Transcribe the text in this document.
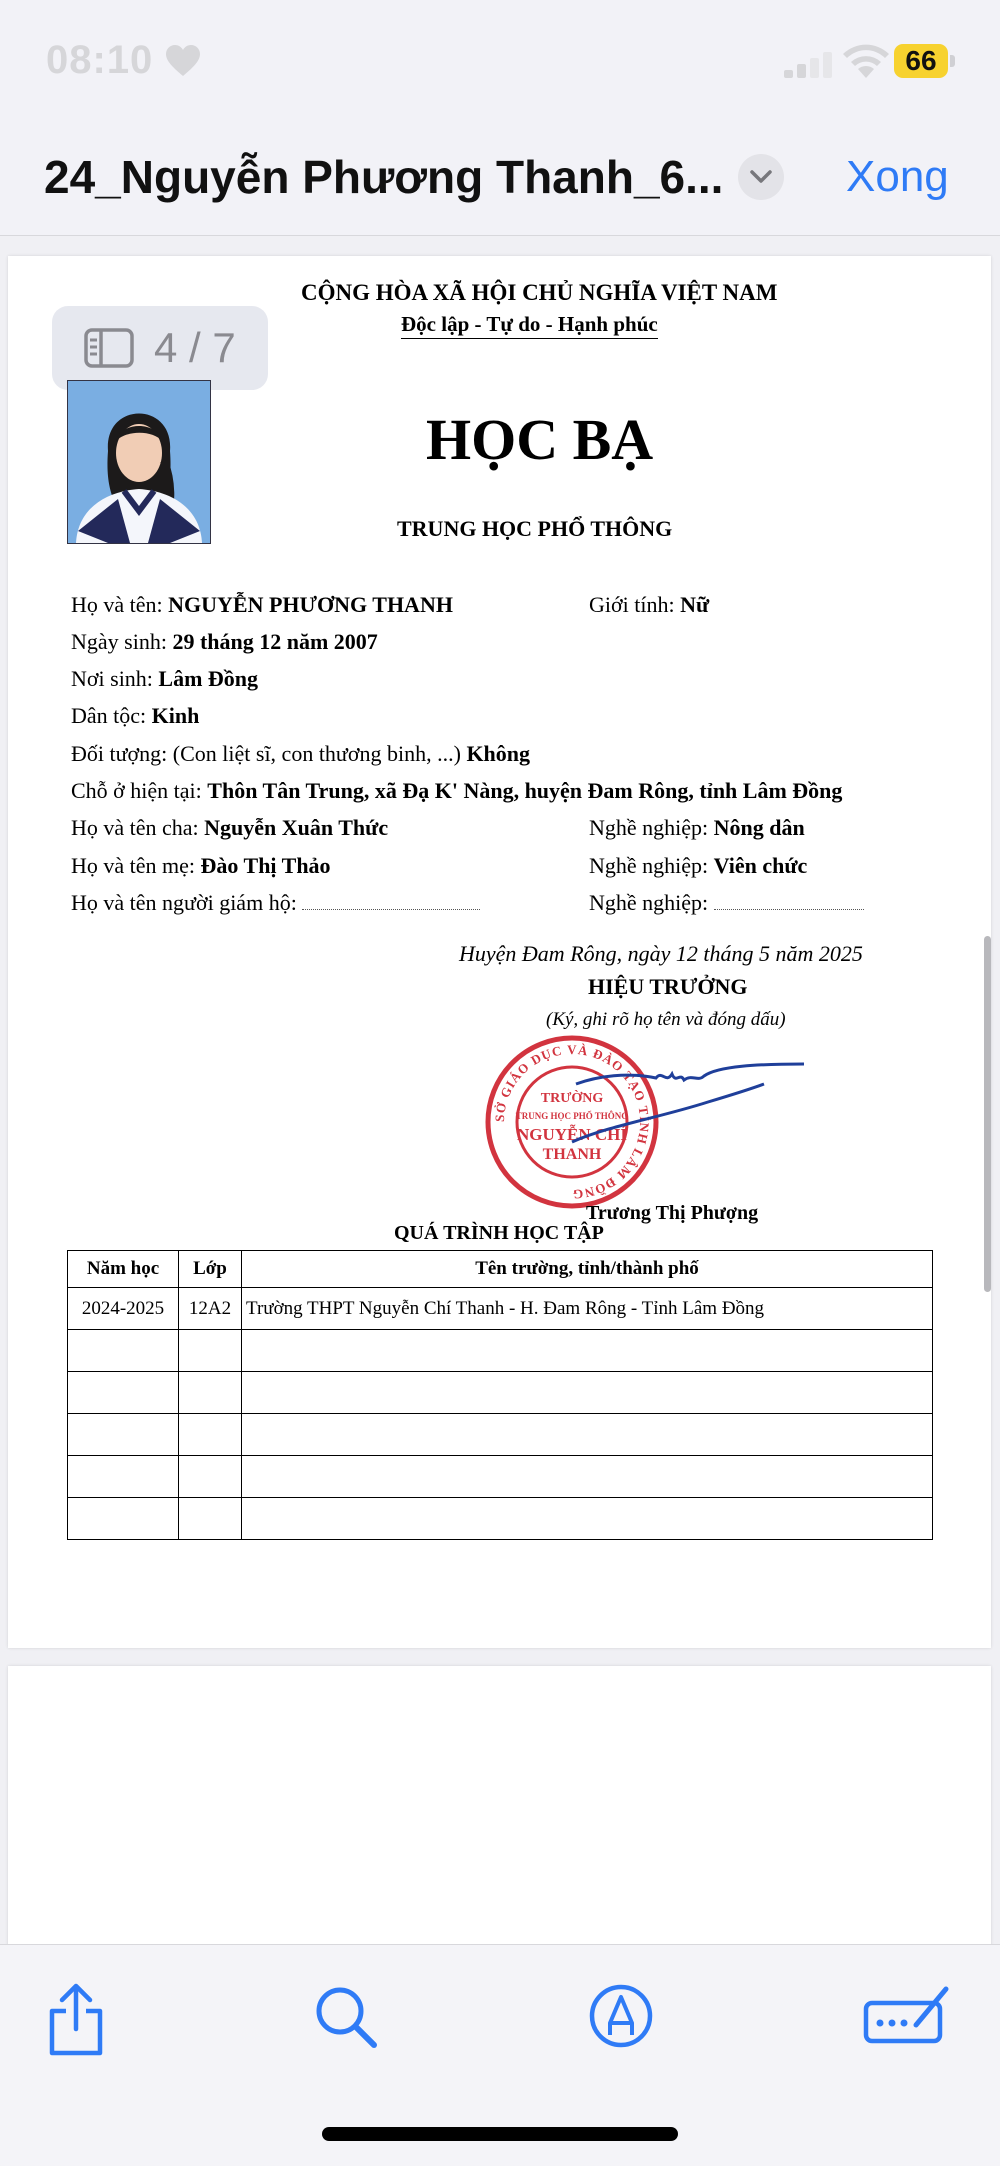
08:10	66
24_Nguyễn Phương Thanh_6...	Xong
4 / 7
CỘNG HÒA XÃ HỘI CHỦ NGHĨA VIỆT NAM
Độc lập - Tự do - Hạnh phúc
HỌC BẠ
TRUNG HỌC PHỔ THÔNG
Họ và tên: NGUYỄN PHƯƠNG THANH	Giới tính: Nữ
Ngày sinh: 29 tháng 12 năm 2007
Nơi sinh: Lâm Đồng
Dân tộc: Kinh
Đối tượng: (Con liệt sĩ, con thương binh, ...) Không
Chỗ ở hiện tại: Thôn Tân Trung, xã Đạ K' Nàng, huyện Đam Rông, tỉnh Lâm Đồng
Họ và tên cha: Nguyễn Xuân Thức	Nghề nghiệp: Nông dân
Họ và tên mẹ: Đào Thị Thảo	Nghề nghiệp: Viên chức
Họ và tên người giám hộ:	Nghề nghiệp:
Huyện Đam Rông, ngày 12 tháng 5 năm 2025
HIỆU TRƯỞNG
(Ký, ghi rõ họ tên và đóng dấu)
SỞ GIÁO DỤC VÀ ĐÀO TẠO TỈNH LÂM ĐỒNG
TRƯỜNG
TRUNG HỌC PHỔ THÔNG
NGUYỄN CHÍ
THANH
Trương Thị Phượng
QUÁ TRÌNH HỌC TẬP
Năm học	Lớp	Tên trường, tỉnh/thành phố
2024-2025	12A2	Trường THPT Nguyễn Chí Thanh - H. Đam Rông - Tỉnh Lâm Đồng
